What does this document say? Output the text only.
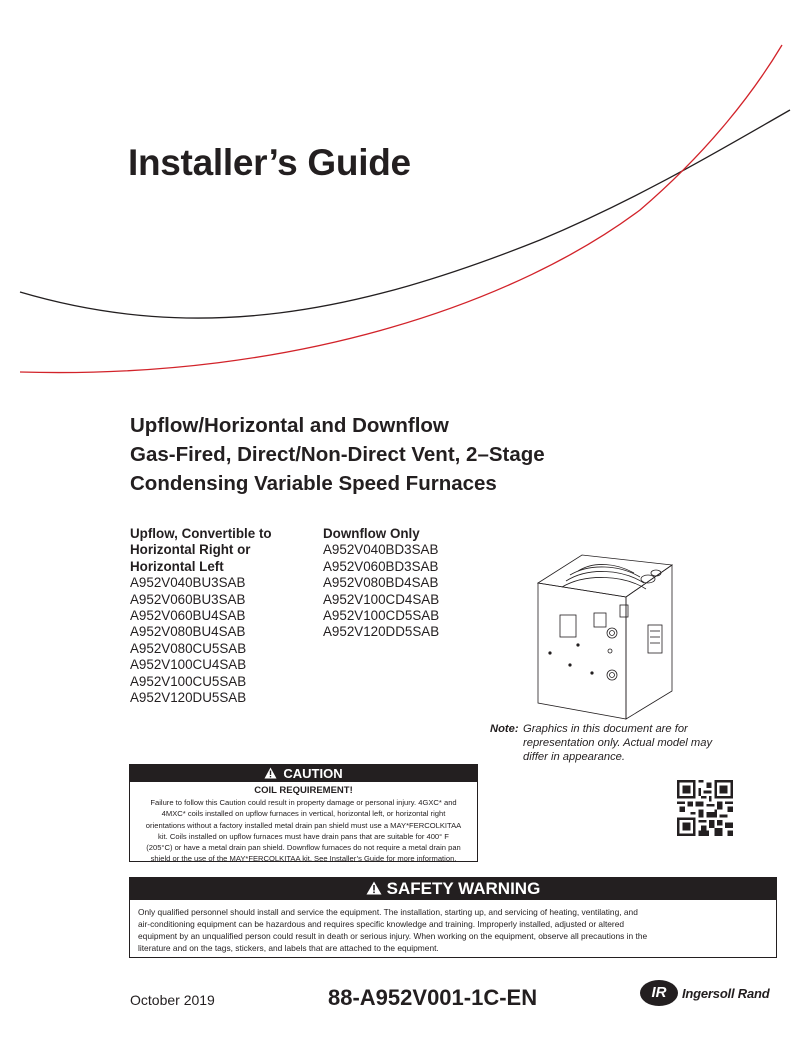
Installer’s Guide
Upflow/Horizontal and Downflow
Gas-Fired, Direct/Non-Direct Vent, 2–Stage
Condensing Variable Speed Furnaces
Upflow, Convertible to
Horizontal Right or
Horizontal Left
A952V040BU3SAB
A952V060BU3SAB
A952V060BU4SAB
A952V080BU4SAB
A952V080CU5SAB
A952V100CU4SAB
A952V100CU5SAB
A952V120DU5SAB
Downflow Only
A952V040BD3SAB
A952V060BD3SAB
A952V080BD4SAB
A952V100CD4SAB
A952V100CD5SAB
A952V120DD5SAB
Note: Graphics in this document are for representation only. Actual model may differ in appearance.
CAUTION
COIL REQUIREMENT!
Failure to follow this Caution could result in property damage or personal injury. 4GXC* and
4MXC* coils installed on upflow furnaces in vertical, horizontal left, or horizontal right
orientations without a factory installed metal drain pan shield must use a MAY*FERCOLKITAA
kit. Coils installed on upflow furnaces must have drain pans that are suitable for 400° F
(205°C) or have a metal drain pan shield. Downflow furnaces do not require a metal drain pan
shield or the use of the MAY*FERCOLKITAA kit. See Installer’s Guide for more information.
SAFETY WARNING
Only qualified personnel should install and service the equipment. The installation, starting up, and servicing of heating, ventilating, and
air-conditioning equipment can be hazardous and requires specific knowledge and training. Improperly installed, adjusted or altered
equipment by an unqualified person could result in death or serious injury. When working on the equipment, observe all precautions in the
literature and on the tags, stickers, and labels that are attached to the equipment.
October 2019	88-A952V001-1C-EN	IR	Ingersoll Rand
